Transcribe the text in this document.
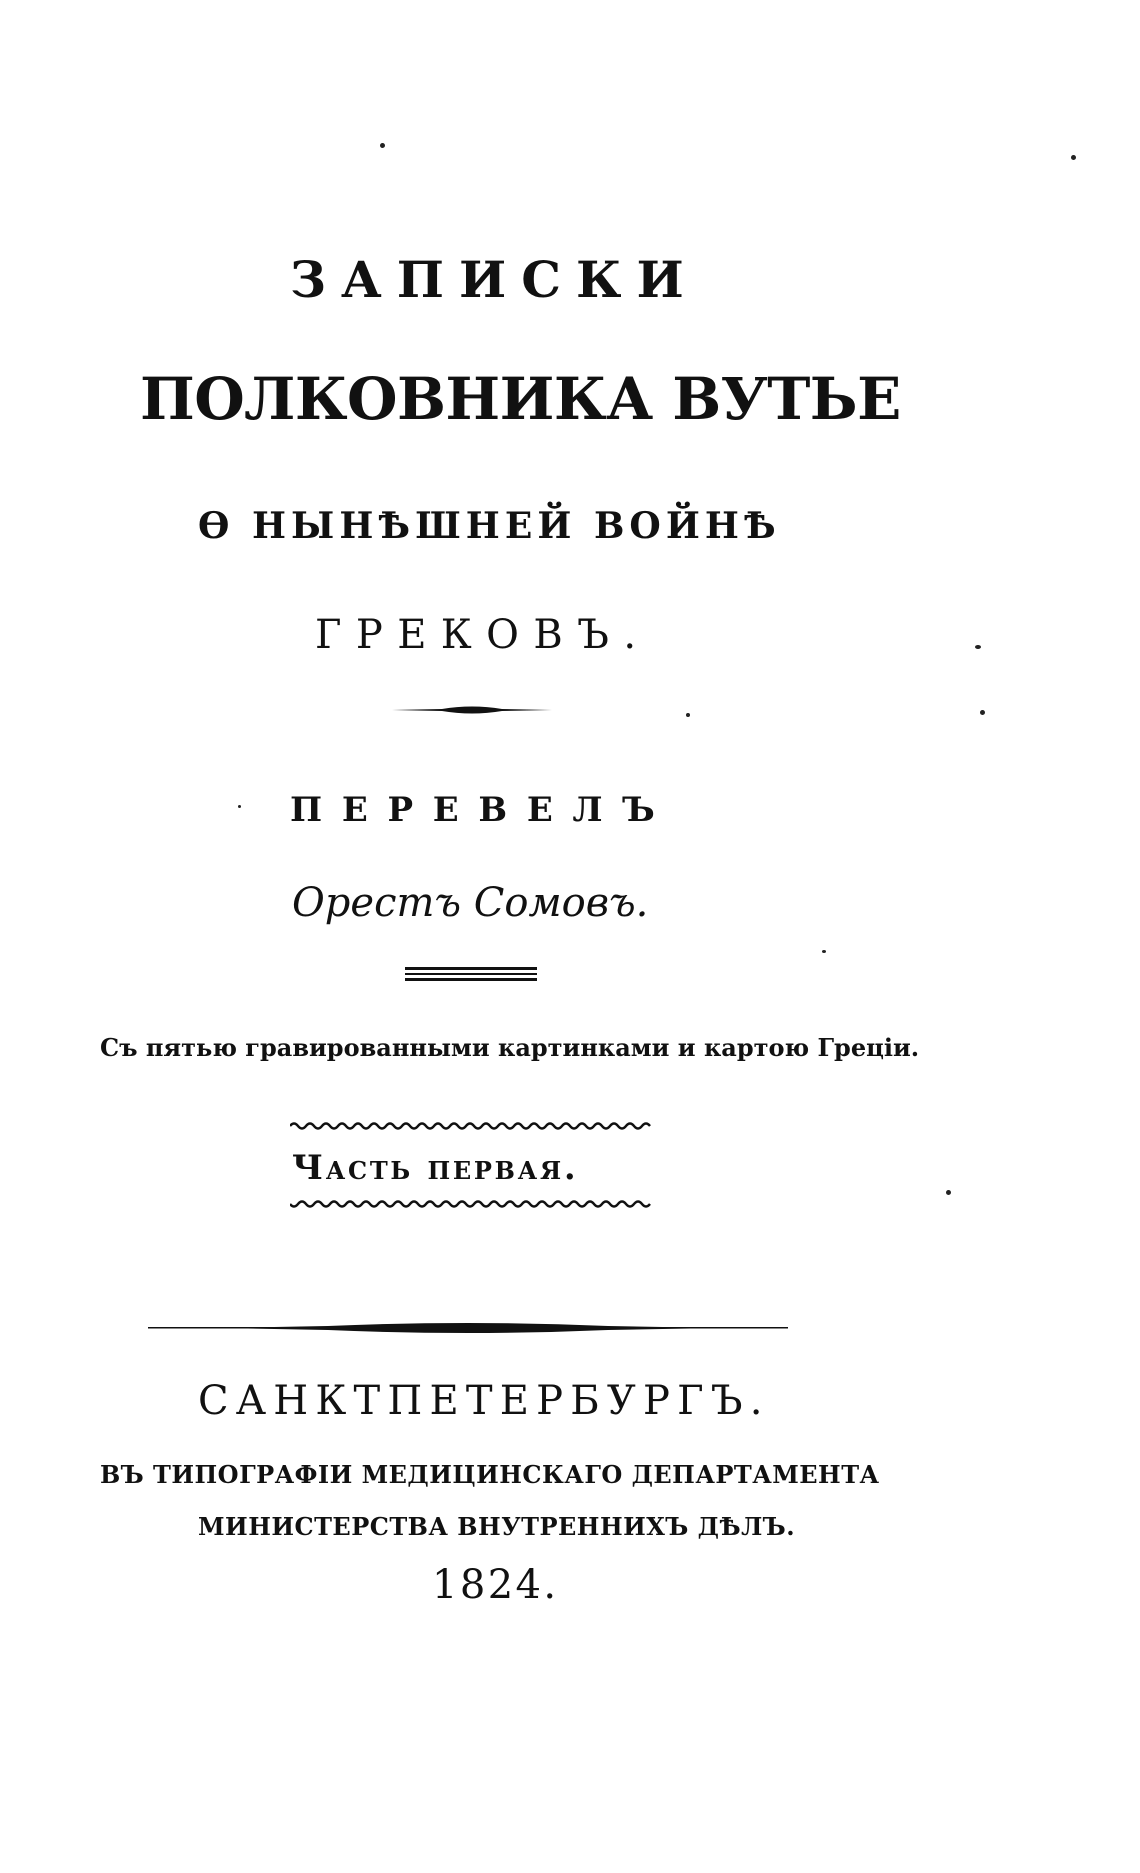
ЗАПИСКИ
ПОЛКОВНИКА ВУТЬЕ
Ѳ НЫНѢШНЕЙ ВОЙНѢ
ГРЕКОВЪ.
ПЕРЕВЕЛЪ
Орестъ Сомовъ.
Съ пятью гравированными картинками и картою Греціи.
Часть первая.
САНКТПЕТЕРБУРГЪ.
ВЪ ТИПОГРАФІИ МЕДИЦИНСКАГО ДЕПАРТАМЕНТА
МИНИСТЕРСТВА ВНУТРЕННИХЪ ДѢЛЪ.
1824.
